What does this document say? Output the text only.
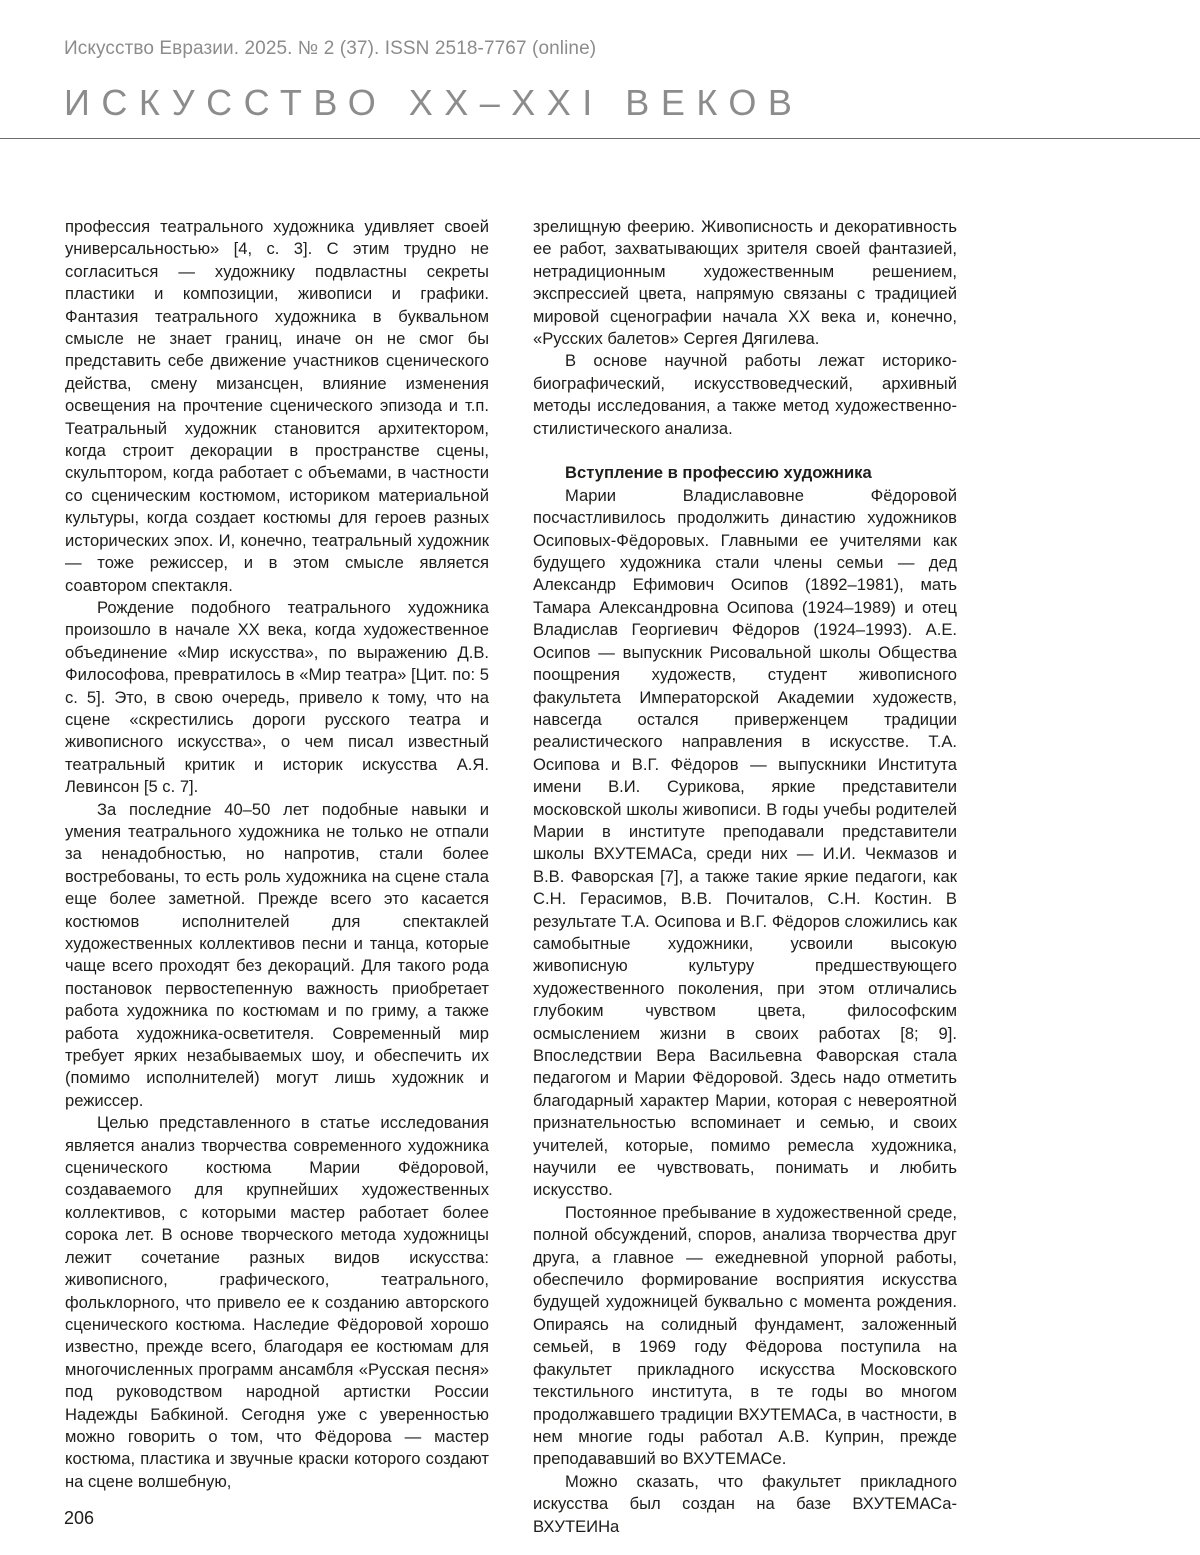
Искусство Евразии. 2025. № 2 (37). ISSN 2518-7767 (online)
ИСКУССТВО XX–XXI ВЕКОВ

профессия театрального художника удивляет своей универсальностью» [4, с. 3]. С этим трудно не согласиться — художнику подвластны секреты пластики и композиции, живописи и графики. Фантазия театрального художника в буквальном смысле не знает границ, иначе он не смог бы представить себе движение участников сценического действа, смену мизансцен, влияние изменения освещения на прочтение сценического эпизода и т.п. Театральный художник становится архитектором, когда строит декорации в пространстве сцены, скульптором, когда работает с объемами, в частности со сценическим костюмом, историком материальной культуры, когда создает костюмы для героев разных исторических эпох. И, конечно, театральный художник — тоже режиссер, и в этом смысле является соавтором спектакля.

Рождение подобного театрального художника произошло в начале XX века, когда художественное объединение «Мир искусства», по выражению Д.В. Философова, превратилось в «Мир театра» [Цит. по: 5 с. 5]. Это, в свою очередь, привело к тому, что на сцене «скрестились дороги русского театра и живописного искусства», о чем писал известный театральный критик и историк искусства А.Я. Левинсон [5 с. 7].

За последние 40–50 лет подобные навыки и умения театрального художника не только не отпали за ненадобностью, но напротив, стали более востребованы, то есть роль художника на сцене стала еще более заметной. Прежде всего это касается костюмов исполнителей для спектаклей художественных коллективов песни и танца, которые чаще всего проходят без декораций. Для такого рода постановок первостепенную важность приобретает работа художника по костюмам и по гриму, а также работа художника-осветителя. Современный мир требует ярких незабываемых шоу, и обеспечить их (помимо исполнителей) могут лишь художник и режиссер.

Целью представленного в статье исследования является анализ творчества современного художника сценического костюма Марии Фёдоровой, создаваемого для крупнейших художественных коллективов, с которыми мастер работает более сорока лет. В основе творческого метода художницы лежит сочетание разных видов искусства: живописного, графического, театрального, фольклорного, что привело ее к созданию авторского сценического костюма. Наследие Фёдоровой хорошо известно, прежде всего, благодаря ее костюмам для многочисленных программ ансамбля «Русская песня» под руководством народной артистки России Надежды Бабкиной. Сегодня уже с уверенностью можно говорить о том, что Фёдорова — мастер костюма, пластика и звучные краски которого создают на сцене волшебную,

зрелищную феерию. Живописность и декоративность ее работ, захватывающих зрителя своей фантазией, нетрадиционным художественным решением, экспрессией цвета, напрямую связаны с традицией мировой сценографии начала XX века и, конечно, «Русских балетов» Сергея Дягилева.

В основе научной работы лежат историко-биографический, искусствоведческий, архивный методы исследования, а также метод художественно-стилистического анализа.

Вступление в профессию художника

Марии Владиславовне Фёдоровой посчастливилось продолжить династию художников Осиповых-Фёдоровых. Главными ее учителями как будущего художника стали члены семьи — дед Александр Ефимович Осипов (1892–1981), мать Тамара Александровна Осипова (1924–1989) и отец Владислав Георгиевич Фёдоров (1924–1993). А.Е. Осипов — выпускник Рисовальной школы Общества поощрения художеств, студент живописного факультета Императорской Академии художеств, навсегда остался приверженцем традиции реалистического направления в искусстве. Т.А. Осипова и В.Г. Фёдоров — выпускники Института имени В.И. Сурикова, яркие представители московской школы живописи. В годы учебы родителей Марии в институте преподавали представители школы ВХУТЕМАСа, среди них — И.И. Чекмазов и В.В. Фаворская [7], а также такие яркие педагоги, как С.Н. Герасимов, В.В. Почиталов, С.Н. Костин. В результате Т.А. Осипова и В.Г. Фёдоров сложились как самобытные художники, усвоили высокую живописную культуру предшествующего художественного поколения, при этом отличались глубоким чувством цвета, философским осмыслением жизни в своих работах [8; 9]. Впоследствии Вера Васильевна Фаворская стала педагогом и Марии Фёдоровой. Здесь надо отметить благодарный характер Марии, которая с невероятной признательностью вспоминает и семью, и своих учителей, которые, помимо ремесла художника, научили ее чувствовать, понимать и любить искусство.

Постоянное пребывание в художественной среде, полной обсуждений, споров, анализа творчества друг друга, а главное — ежедневной упорной работы, обеспечило формирование восприятия искусства будущей художницей буквально с момента рождения. Опираясь на солидный фундамент, заложенный семьей, в 1969 году Фёдорова поступила на факультет прикладного искусства Московского текстильного института, в те годы во многом продолжавшего традиции ВХУТЕМАСа, в частности, в нем многие годы работал А.В. Куприн, прежде преподававший во ВХУТЕМАСе.

Можно сказать, что факультет прикладного искусства был создан на базе ВХУТЕМАСа-ВХУТЕИНа

206
